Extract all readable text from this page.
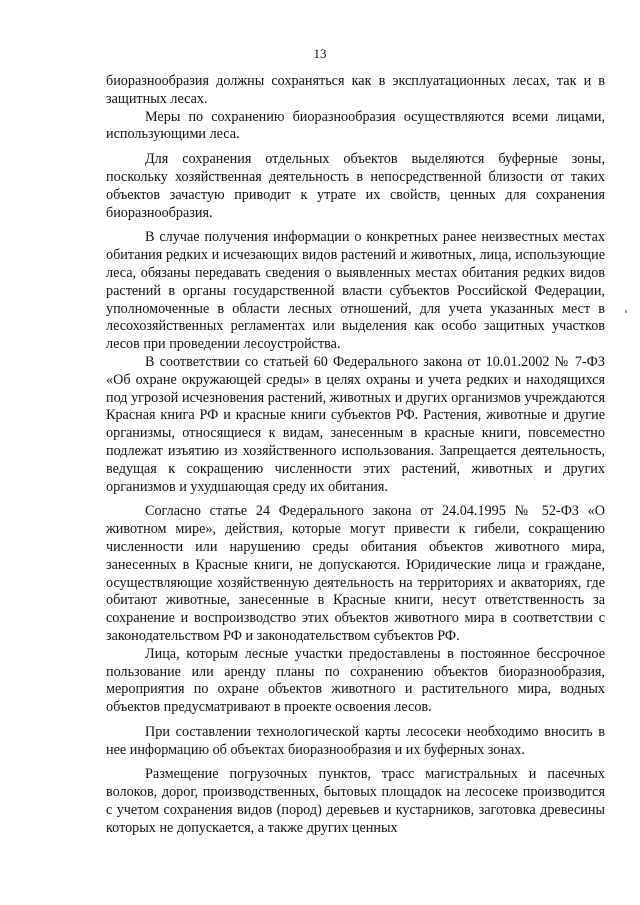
13

биоразнообразия должны сохраняться как в эксплуатационных лесах, так и в защитных лесах.

Меры по сохранению биоразнообразия осуществляются всеми лицами, использующими леса.

Для сохранения отдельных объектов выделяются буферные зоны, поскольку хозяйственная деятельность в непосредственной близости от таких объектов зачастую приводит к утрате их свойств, ценных для сохранения биоразнообразия.

В случае получения информации о конкретных ранее неизвестных местах обитания редких и исчезающих видов растений и животных, лица, использующие леса, обязаны передавать сведения о выявленных местах обитания редких видов растений в органы государственной власти субъектов Российской Федерации, уполномоченные в области лесных отношений, для учета указанных мест в лесохозяйственных регламентах или выделения как особо защитных участков лесов при проведении лесоустройства.

В соответствии со статьей 60 Федерального закона от 10.01.2002 № 7-ФЗ «Об охране окружающей среды» в целях охраны и учета редких и находящихся под угрозой исчезновения растений, животных и других организмов учреждаются Красная книга РФ и красные книги субъектов РФ. Растения, животные и другие организмы, относящиеся к видам, занесенным в красные книги, повсеместно подлежат изъятию из хозяйственного использования. Запрещается деятельность, ведущая к сокращению численности этих растений, животных и других организмов и ухудшающая среду их обитания.

Согласно статье 24 Федерального закона от 24.04.1995 № 52-ФЗ «О животном мире», действия, которые могут привести к гибели, сокращению численности или нарушению среды обитания объектов животного мира, занесенных в Красные книги, не допускаются. Юридические лица и граждане, осуществляющие хозяйственную деятельность на территориях и акваториях, где обитают животные, занесенные в Красные книги, несут ответственность за сохранение и воспроизводство этих объектов животного мира в соответствии с законодательством РФ и законодательством субъектов РФ.

Лица, которым лесные участки предоставлены в постоянное бессрочное пользование или аренду планы по сохранению объектов биоразнообразия, мероприятия по охране объектов животного и растительного мира, водных объектов предусматривают в проекте освоения лесов.

При составлении технологической карты лесосеки необходимо вносить в нее информацию об объектах биоразнообразия и их буферных зонах.

Размещение погрузочных пунктов, трасс магистральных и пасечных волоков, дорог, производственных, бытовых площадок на лесосеке производится с учетом сохранения видов (пород) деревьев и кустарников, заготовка древесины которых не допускается, а также других ценных
